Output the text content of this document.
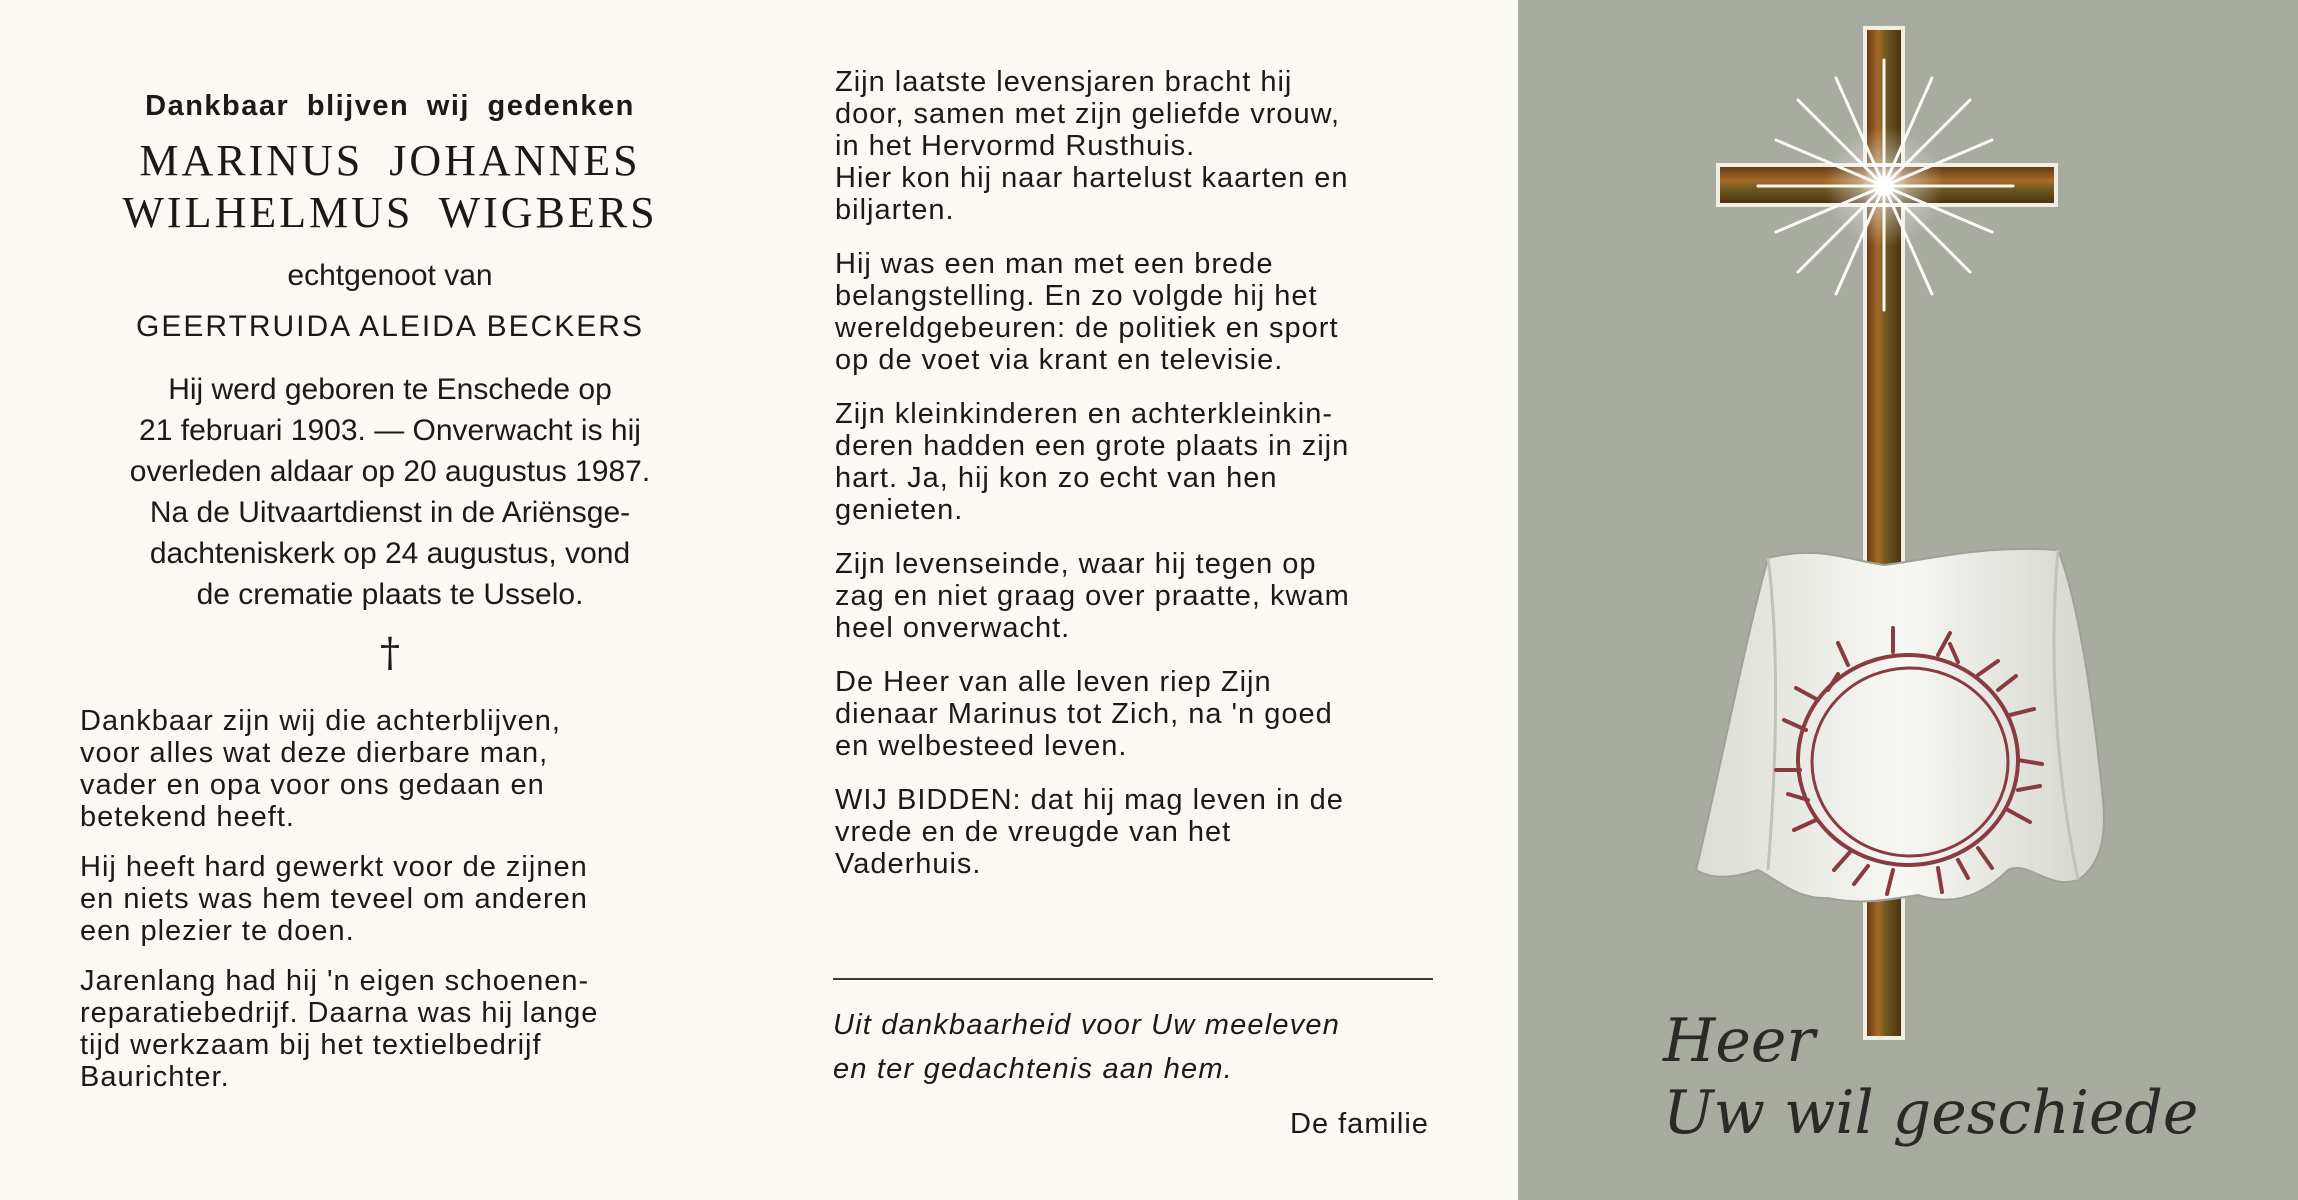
Dankbaar blijven wij gedenken
MARINUS JOHANNES
WILHELMUS WIGBERS
echtgenoot van
GEERTRUIDA ALEIDA BECKERS
Hij werd geboren te Enschede op
21 februari 1903. — Onverwacht is hij
overleden aldaar op 20 augustus 1987.
Na de Uitvaartdienst in de Ariënsge-
dachteniskerk op 24 augustus, vond
de crematie plaats te Usselo.
†
Dankbaar zijn wij die achterblijven,
voor alles wat deze dierbare man,
vader en opa voor ons gedaan en
betekend heeft.
Hij heeft hard gewerkt voor de zijnen
en niets was hem teveel om anderen
een plezier te doen.
Jarenlang had hij 'n eigen schoenen-
reparatiebedrijf. Daarna was hij lange
tijd werkzaam bij het textielbedrijf
Baurichter.
Zijn laatste levensjaren bracht hij
door, samen met zijn geliefde vrouw,
in het Hervormd Rusthuis.
Hier kon hij naar hartelust kaarten en
biljarten.
Hij was een man met een brede
belangstelling. En zo volgde hij het
wereldgebeuren: de politiek en sport
op de voet via krant en televisie.
Zijn kleinkinderen en achterkleinkin-
deren hadden een grote plaats in zijn
hart. Ja, hij kon zo echt van hen
genieten.
Zijn levenseinde, waar hij tegen op
zag en niet graag over praatte, kwam
heel onverwacht.
De Heer van alle leven riep Zijn
dienaar Marinus tot Zich, na 'n goed
en welbesteed leven.
WIJ BIDDEN: dat hij mag leven in de
vrede en de vreugde van het
Vaderhuis.
Uit dankbaarheid voor Uw meeleven
en ter gedachtenis aan hem.
De familie
Heer
Uw wil geschiede
